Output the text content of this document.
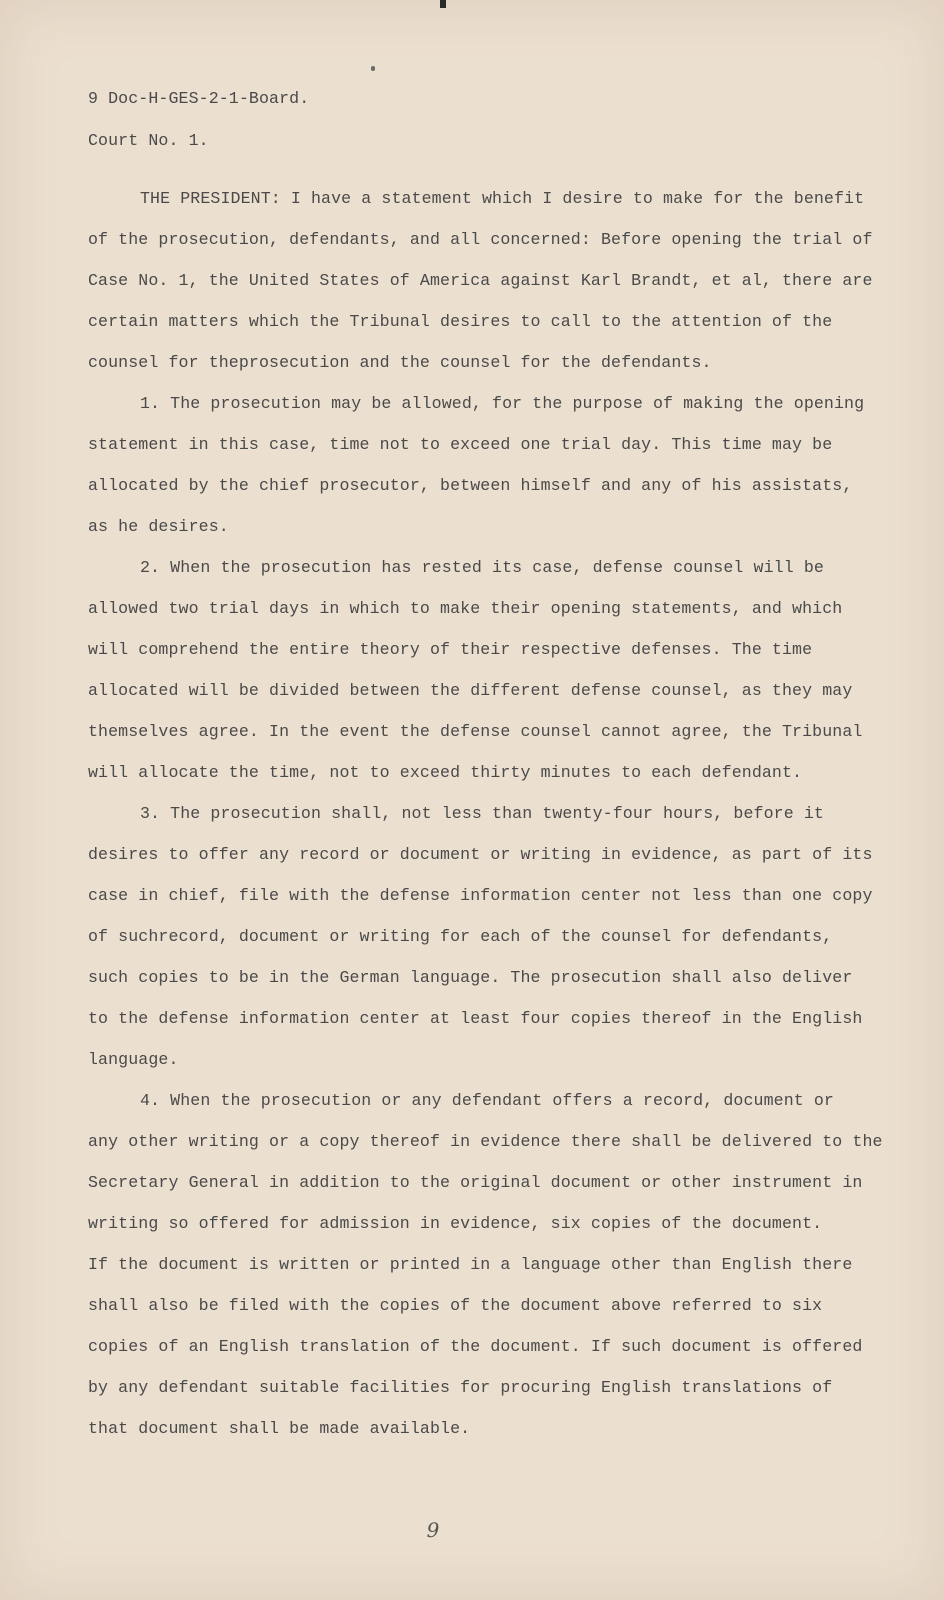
9 Doc-H-GES-2-1-Board.
Court No. 1.
THE PRESIDENT: I have a statement which I desire to make for the benefit
of the prosecution, defendants, and all concerned: Before opening the trial of
Case No. 1, the United States of America against Karl Brandt, et al, there are
certain matters which the Tribunal desires to call to the attention of the
counsel for theprosecution and the counsel for the defendants.
1. The prosecution may be allowed, for the purpose of making the opening
statement in this case, time not to exceed one trial day. This time may be
allocated by the chief prosecutor, between himself and any of his assistats,
as he desires.
2. When the prosecution has rested its case, defense counsel will be
allowed two trial days in which to make their opening statements, and which
will comprehend the entire theory of their respective defenses. The time
allocated will be divided between the different defense counsel, as they may
themselves agree. In the event the defense counsel cannot agree, the Tribunal
will allocate the time, not to exceed thirty minutes to each defendant.
3. The prosecution shall, not less than twenty-four hours, before it
desires to offer any record or document or writing in evidence, as part of its
case in chief, file with the defense information center not less than one copy
of suchrecord, document or writing for each of the counsel for defendants,
such copies to be in the German language. The prosecution shall also deliver
to the defense information center at least four copies thereof in the English
language.
4. When the prosecution or any defendant offers a record, document or
any other writing or a copy thereof in evidence there shall be delivered to the
Secretary General in addition to the original document or other instrument in
writing so offered for admission in evidence, six copies of the document.
If the document is written or printed in a language other than English there
shall also be filed with the copies of the document above referred to six
copies of an English translation of the document. If such document is offered
by any defendant suitable facilities for procuring English translations of
that document shall be made available.
9
